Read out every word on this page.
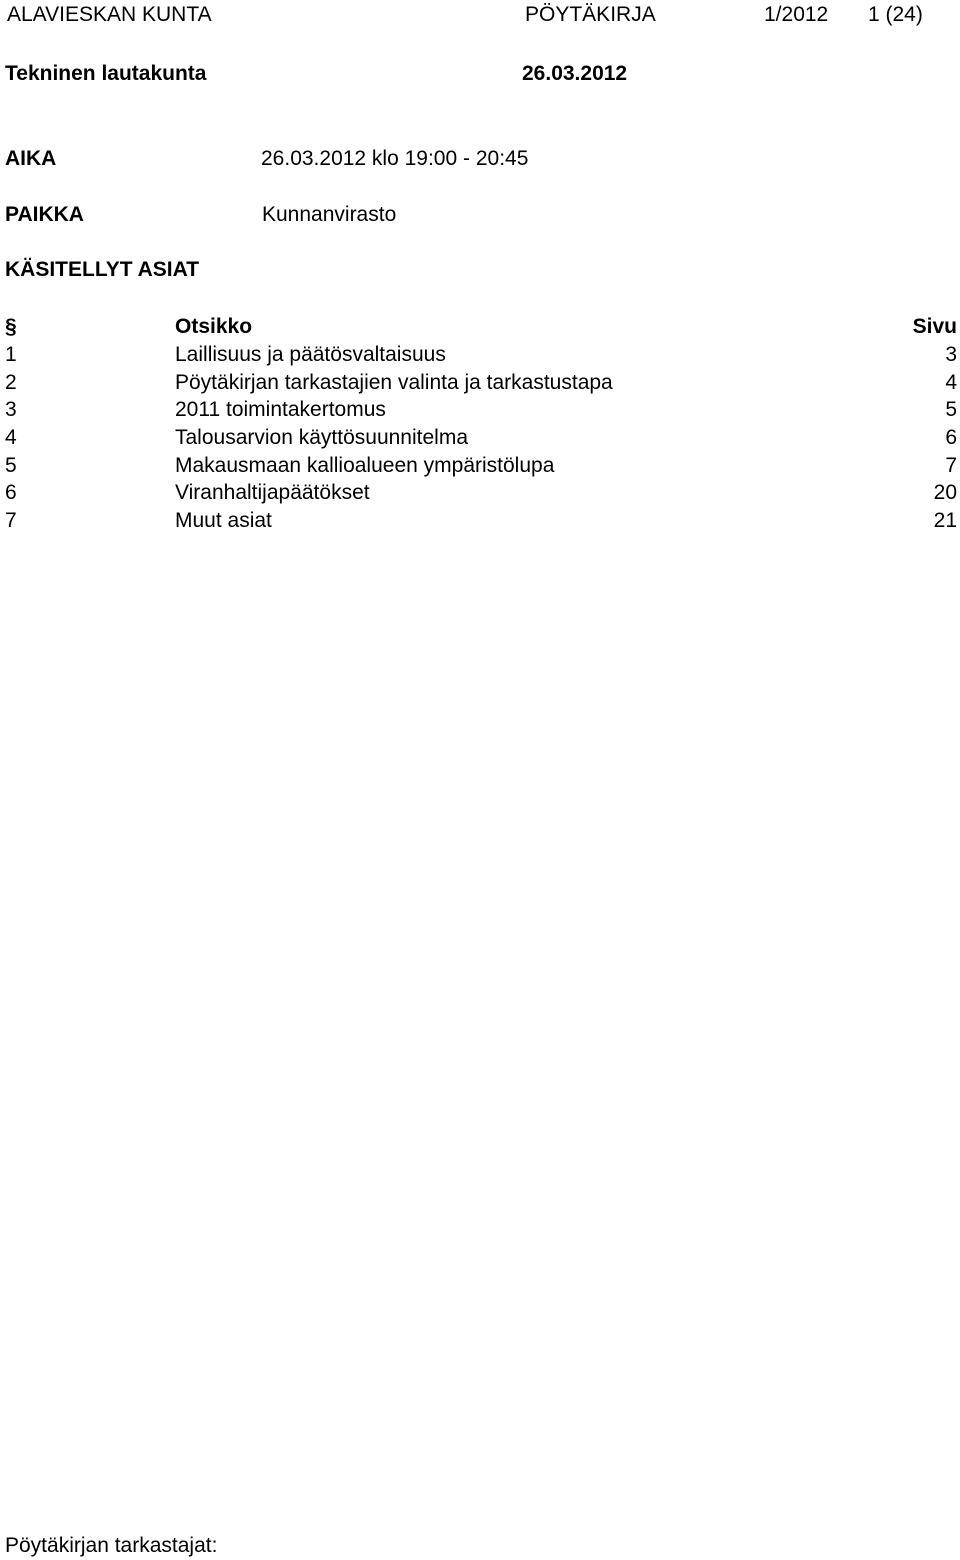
ALAVIESKAN KUNTA	PÖYTÄKIRJA	1/2012 1 (24)
Tekninen lautakunta	26.03.2012
AIKA	26.03.2012 klo 19:00 - 20:45
PAIKKA	Kunnanvirasto
KÄSITELLYT ASIAT
§	Otsikko	Sivu
1	Laillisuus ja päätösvaltaisuus	3
2	Pöytäkirjan tarkastajien valinta ja tarkastustapa	4
3	2011 toimintakertomus	5
4	Talousarvion käyttösuunnitelma	6
5	Makausmaan kallioalueen ympäristölupa	7
6	Viranhaltijapäätökset	20
7	Muut asiat	21
Pöytäkirjan tarkastajat:
